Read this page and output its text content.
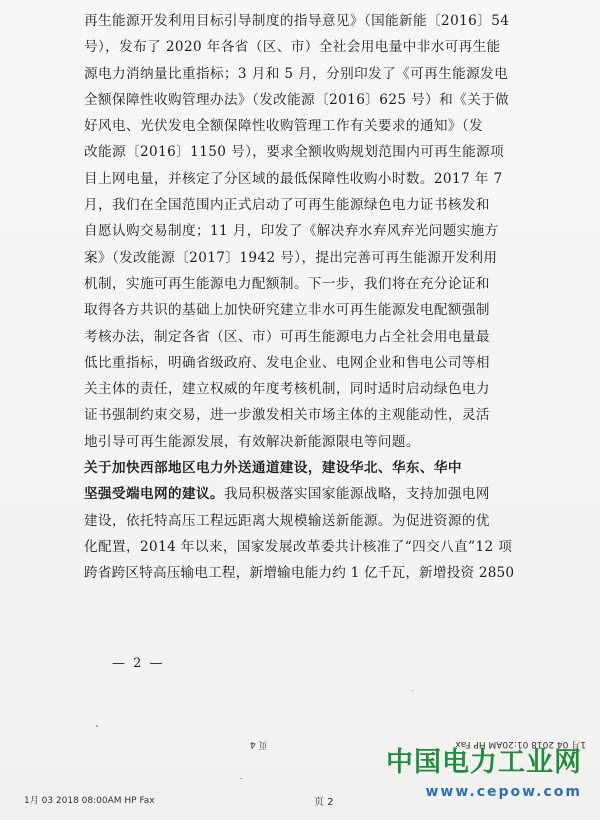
再生能源开发利用目标引导制度的指导意见》（国能新能〔2016〕54
号），发布了 2020 年各省（区、市）全社会用电量中非水可再生能
源电力消纳量比重指标；3 月和 5 月，分别印发了《可再生能源发电
全额保障性收购管理办法》（发改能源〔2016〕625 号）和《关于做
好风电、光伏发电全额保障性收购管理工作有关要求的通知》（发
改能源〔2016〕1150 号），要求全额收购规划范围内可再生能源项
目上网电量，并核定了分区域的最低保障性收购小时数。2017 年 7
月，我们在全国范围内正式启动了可再生能源绿色电力证书核发和
自愿认购交易制度；11 月，印发了《解决弃水弃风弃光问题实施方
案》（发改能源〔2017〕1942 号），提出完善可再生能源开发利用
机制，实施可再生能源电力配额制。下一步，我们将在充分论证和
取得各方共识的基础上加快研究建立非水可再生能源发电配额强制
考核办法，制定各省（区、市）可再生能源电力占全社会用电量最
低比重指标，明确省级政府、发电企业、电网企业和售电公司等相
关主体的责任，建立权威的年度考核机制，同时适时启动绿色电力
证书强制约束交易，进一步激发相关市场主体的主观能动性，灵活
地引导可再生能源发展，有效解决新能源限电等问题。
关于加快西部地区电力外送通道建设，建设华北、华东、华中
坚强受端电网的建议。我局积极落实国家能源战略，支持加强电网
建设，依托特高压工程远距离大规模输送新能源。为促进资源的优
化配置，2014 年以来，国家发展改革委共计核准了“四交八直”12 项
跨省跨区特高压输电工程，新增输电能力约 1 亿千瓦，新增投资 2850
— 2 —
1月 04 2018 01:20AM HP Fax
页 4
1月 03 2018 08:00AM HP Fax	页 2
中国电力工业网
www.cepow.com
